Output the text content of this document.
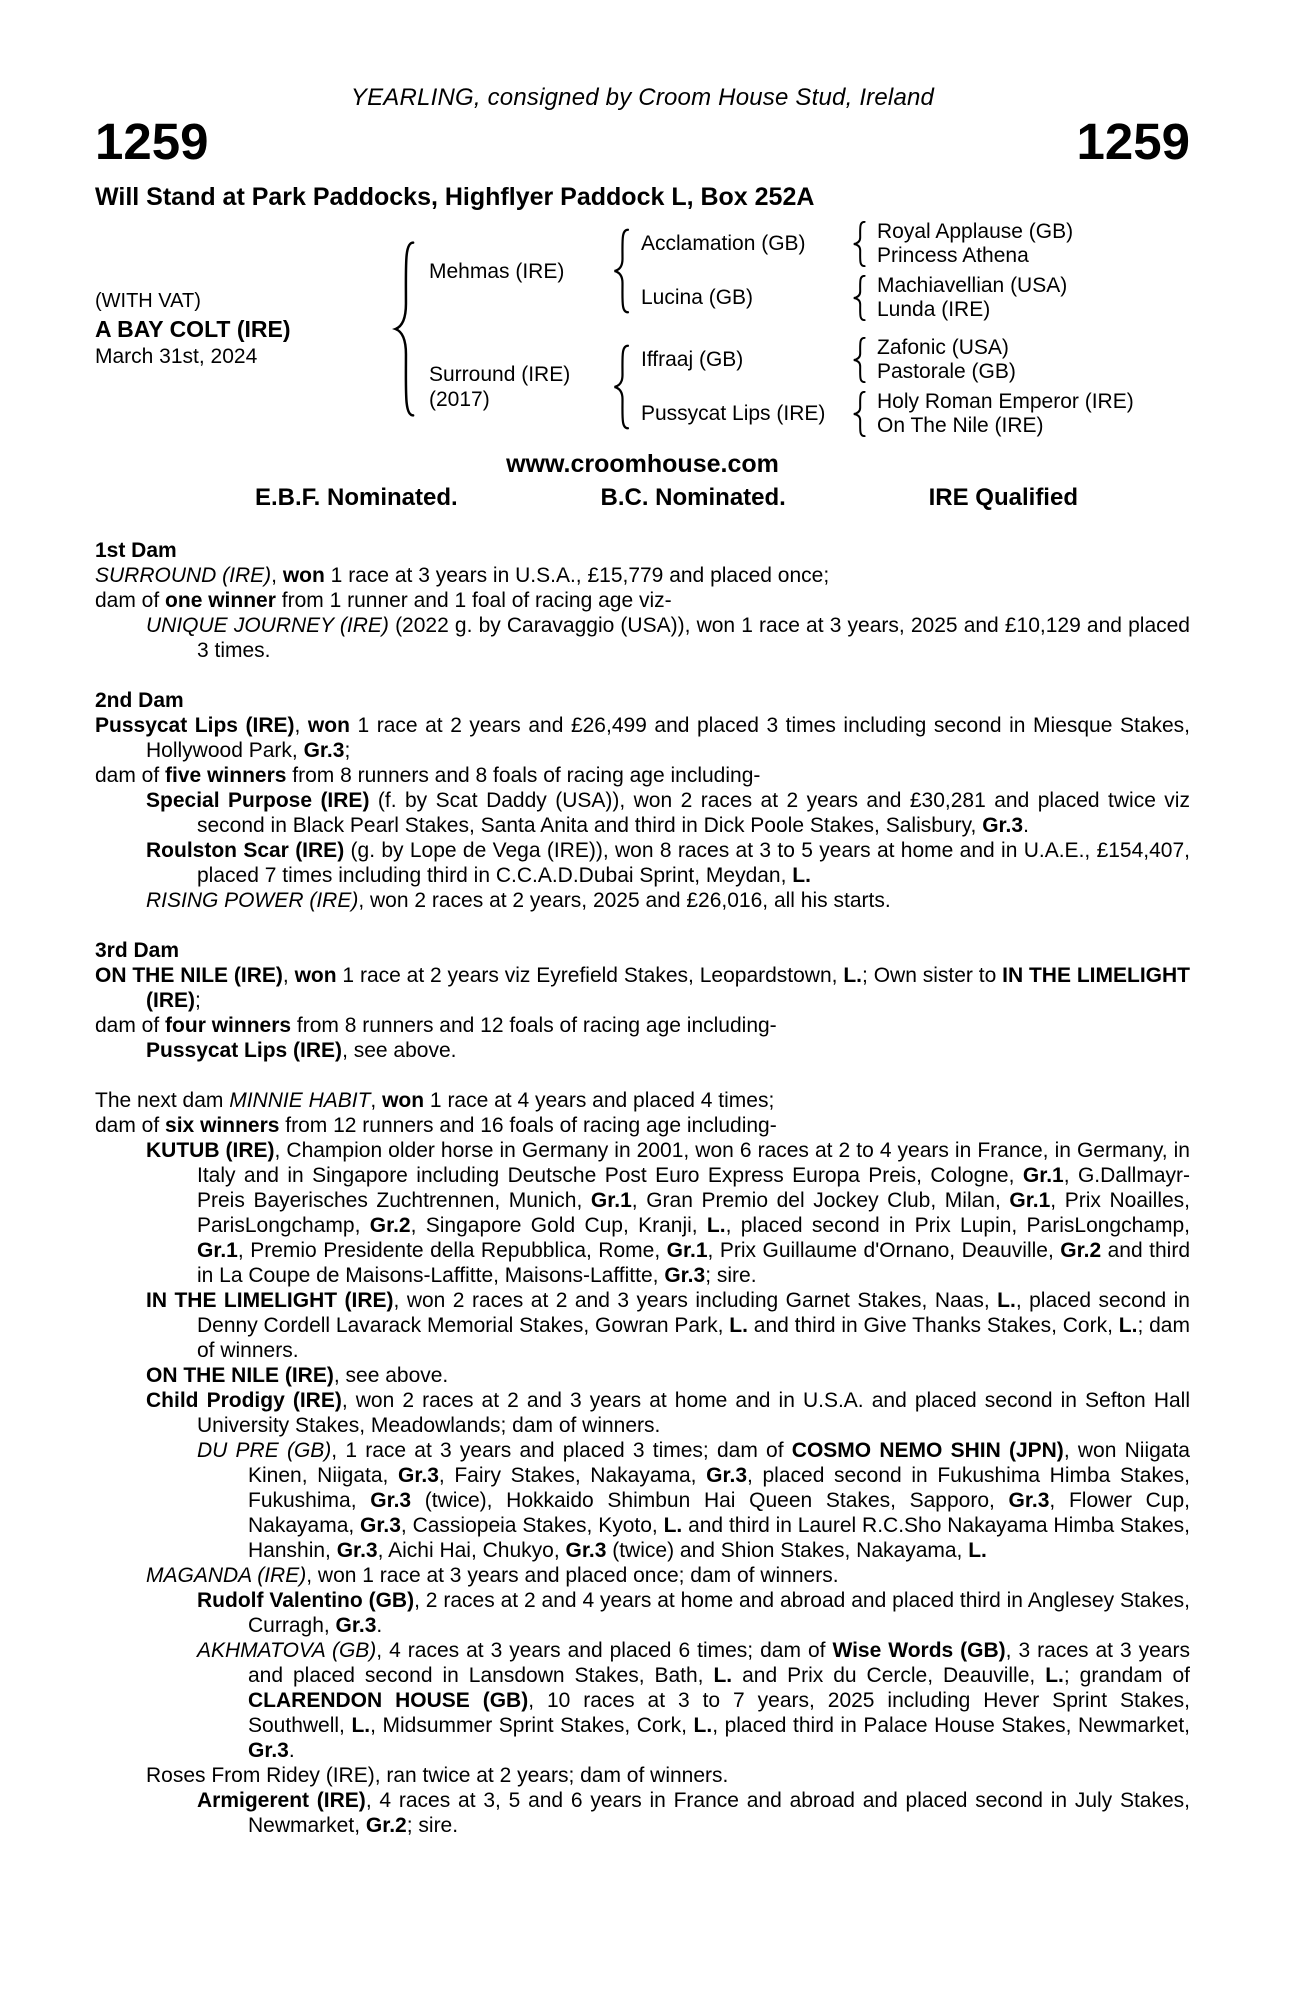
YEARLING, consigned by Croom House Stud, Ireland
1259	1259
Will Stand at Park Paddocks, Highflyer Paddock L, Box 252A
(WITH VAT)
A BAY COLT (IRE)
March 31st, 2024
Mehmas (IRE)
Acclamation (GB)
Royal Applause (GB)
Princess Athena
Lucina (GB)
Machiavellian (USA)
Lunda (IRE)
Surround (IRE)
(2017)
Iffraaj (GB)
Zafonic (USA)
Pastorale (GB)
Pussycat Lips (IRE)
Holy Roman Emperor (IRE)
On The Nile (IRE)
www.croomhouse.com
E.B.F. Nominated.	B.C. Nominated.	IRE Qualified
1st Dam

SURROUND (IRE), won 1 race at 3 years in U.S.A., £15,779 and placed once;

dam of one winner from 1 runner and 1 foal of racing age viz-

UNIQUE JOURNEY (IRE) (2022 g. by Caravaggio (USA)), won 1 race at 3 years, 2025 and £10,129 and placed 3 times.

2nd Dam

Pussycat Lips (IRE), won 1 race at 2 years and £26,499 and placed 3 times including second in Miesque Stakes, Hollywood Park, Gr.3;

dam of five winners from 8 runners and 8 foals of racing age including-

Special Purpose (IRE) (f. by Scat Daddy (USA)), won 2 races at 2 years and £30,281 and placed twice viz second in Black Pearl Stakes, Santa Anita and third in Dick Poole Stakes, Salisbury, Gr.3.

Roulston Scar (IRE) (g. by Lope de Vega (IRE)), won 8 races at 3 to 5 years at home and in U.A.E., £154,407, placed 7 times including third in C.C.A.D.Dubai Sprint, Meydan, L.

RISING POWER (IRE), won 2 races at 2 years, 2025 and £26,016, all his starts.

3rd Dam

ON THE NILE (IRE), won 1 race at 2 years viz Eyrefield Stakes, Leopardstown, L.; Own sister to IN THE LIMELIGHT (IRE);

dam of four winners from 8 runners and 12 foals of racing age including-

Pussycat Lips (IRE), see above.

The next dam MINNIE HABIT, won 1 race at 4 years and placed 4 times;

dam of six winners from 12 runners and 16 foals of racing age including-

KUTUB (IRE), Champion older horse in Germany in 2001, won 6 races at 2 to 4 years in France, in Germany, in Italy and in Singapore including Deutsche Post Euro Express Europa Preis, Cologne, Gr.1, G.Dallmayr-Preis Bayerisches Zuchtrennen, Munich, Gr.1, Gran Premio del Jockey Club, Milan, Gr.1, Prix Noailles, ParisLongchamp, Gr.2, Singapore Gold Cup, Kranji, L., placed second in Prix Lupin, ParisLongchamp, Gr.1, Premio Presidente della Repubblica, Rome, Gr.1, Prix Guillaume d'Ornano, Deauville, Gr.2 and third in La Coupe de Maisons-Laffitte, Maisons-Laffitte, Gr.3; sire.

IN THE LIMELIGHT (IRE), won 2 races at 2 and 3 years including Garnet Stakes, Naas, L., placed second in Denny Cordell Lavarack Memorial Stakes, Gowran Park, L. and third in Give Thanks Stakes, Cork, L.; dam of winners.

ON THE NILE (IRE), see above.

Child Prodigy (IRE), won 2 races at 2 and 3 years at home and in U.S.A. and placed second in Sefton Hall University Stakes, Meadowlands; dam of winners.

DU PRE (GB), 1 race at 3 years and placed 3 times; dam of COSMO NEMO SHIN (JPN), won Niigata Kinen, Niigata, Gr.3, Fairy Stakes, Nakayama, Gr.3, placed second in Fukushima Himba Stakes, Fukushima, Gr.3 (twice), Hokkaido Shimbun Hai Queen Stakes, Sapporo, Gr.3, Flower Cup, Nakayama, Gr.3, Cassiopeia Stakes, Kyoto, L. and third in Laurel R.C.Sho Nakayama Himba Stakes, Hanshin, Gr.3, Aichi Hai, Chukyo, Gr.3 (twice) and Shion Stakes, Nakayama, L.

MAGANDA (IRE), won 1 race at 3 years and placed once; dam of winners.

Rudolf Valentino (GB), 2 races at 2 and 4 years at home and abroad and placed third in Anglesey Stakes, Curragh, Gr.3.

AKHMATOVA (GB), 4 races at 3 years and placed 6 times; dam of Wise Words (GB), 3 races at 3 years and placed second in Lansdown Stakes, Bath, L. and Prix du Cercle, Deauville, L.; grandam of CLARENDON HOUSE (GB), 10 races at 3 to 7 years, 2025 including Hever Sprint Stakes, Southwell, L., Midsummer Sprint Stakes, Cork, L., placed third in Palace House Stakes, Newmarket, Gr.3.

Roses From Ridey (IRE), ran twice at 2 years; dam of winners.

Armigerent (IRE), 4 races at 3, 5 and 6 years in France and abroad and placed second in July Stakes, Newmarket, Gr.2; sire.
